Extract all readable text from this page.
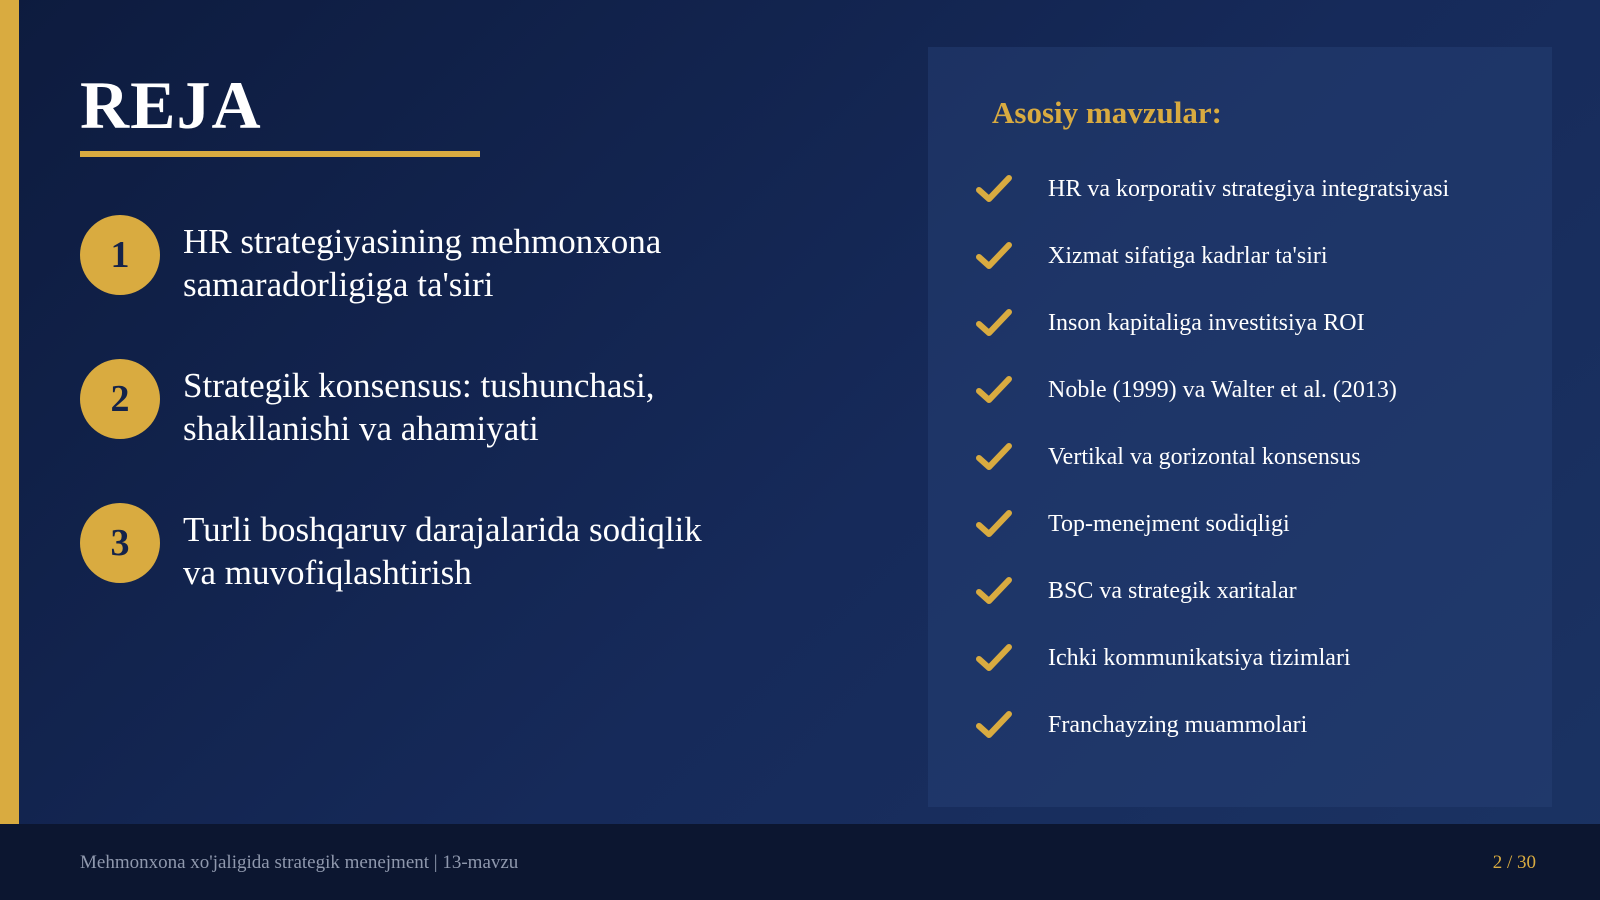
REJA
1	HR strategiyasining mehmonxona samaradorligiga ta'siri
2	Strategik konsensus: tushunchasi, shakllanishi va ahamiyati
3	Turli boshqaruv darajalarida sodiqlik va muvofiqlashtirish
Asosiy mavzular:
HR va korporativ strategiya integratsiyasi
Xizmat sifatiga kadrlar ta'siri
Inson kapitaliga investitsiya ROI
Noble (1999) va Walter et al. (2013)
Vertikal va gorizontal konsensus
Top-menejment sodiqligi
BSC va strategik xaritalar
Ichki kommunikatsiya tizimlari
Franchayzing muammolari
Mehmonxona xo'jaligida strategik menejment | 13-mavzu	2 / 30
